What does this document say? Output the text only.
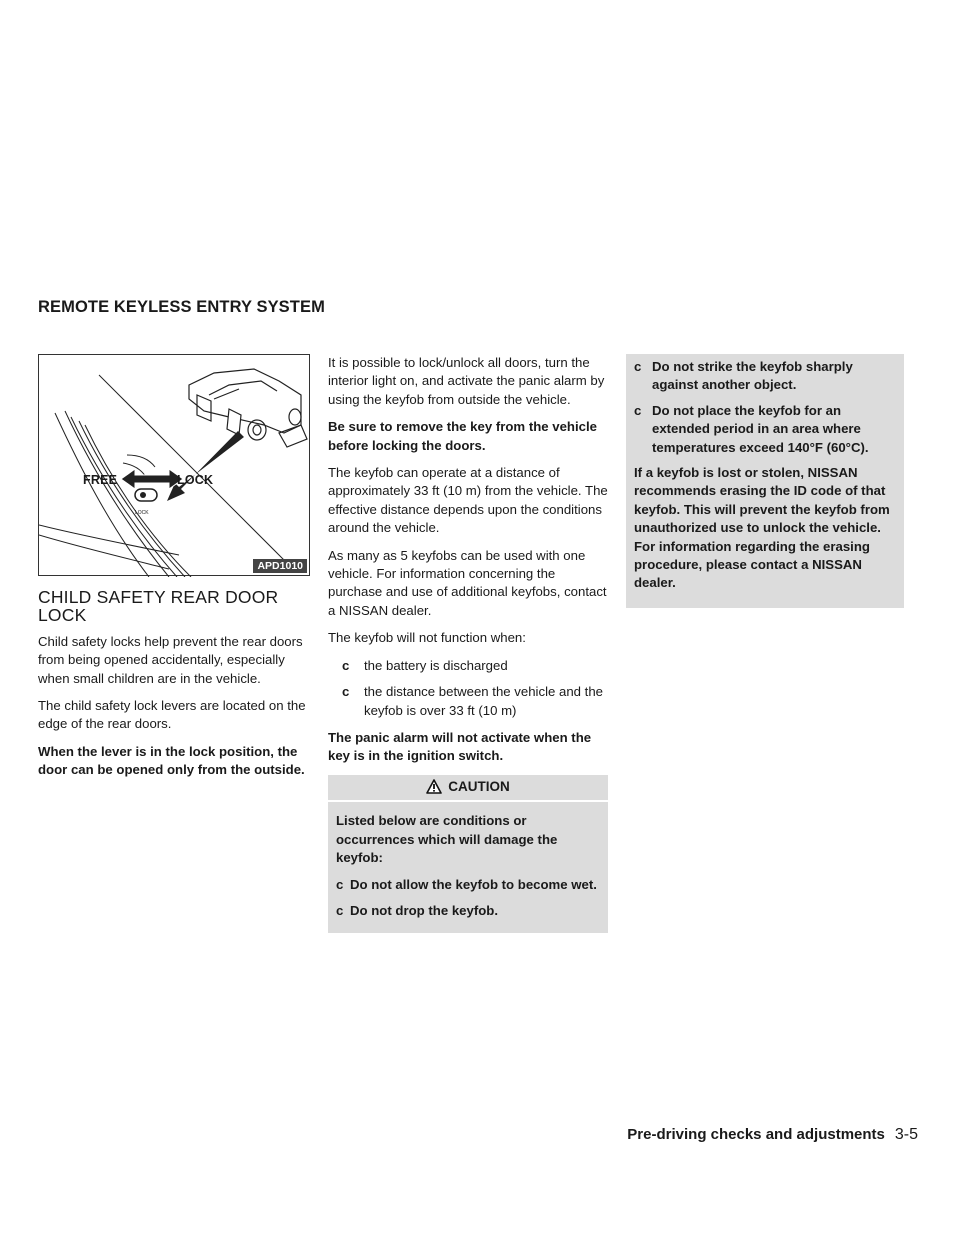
REMOTE KEYLESS ENTRY SYSTEM
FREE	LOCK
LOCK
APD1010
CHILD SAFETY REAR DOOR LOCK

Child safety locks help prevent the rear doors from being opened accidentally, especially when small children are in the vehicle.

The child safety lock levers are located on the edge of the rear doors.

When the lever is in the lock position, the door can be opened only from the outside.

It is possible to lock/unlock all doors, turn the interior light on, and activate the panic alarm by using the keyfob from outside the vehicle.

Be sure to remove the key from the vehicle before locking the doors.

The keyfob can operate at a distance of approximately 33 ft (10 m) from the vehicle. The effective distance depends upon the conditions around the vehicle.

As many as 5 keyfobs can be used with one vehicle. For information concerning the purchase and use of additional keyfobs, contact a NISSAN dealer.

The keyfob will not function when:

c the battery is discharged
c the distance between the vehicle and the keyfob is over 33 ft (10 m)

The panic alarm will not activate when the key is in the ignition switch.

CAUTION

Listed below are conditions or occurrences which will damage the keyfob:

c Do not allow the keyfob to become wet.
c Do not drop the keyfob.
c Do not strike the keyfob sharply against another object.
c Do not place the keyfob for an extended period in an area where temperatures exceed 140°F (60°C).

If a keyfob is lost or stolen, NISSAN recommends erasing the ID code of that keyfob. This will prevent the keyfob from unauthorized use to unlock the vehicle. For information regarding the erasing procedure, please contact a NISSAN dealer.

Pre-driving checks and adjustments 3-5
